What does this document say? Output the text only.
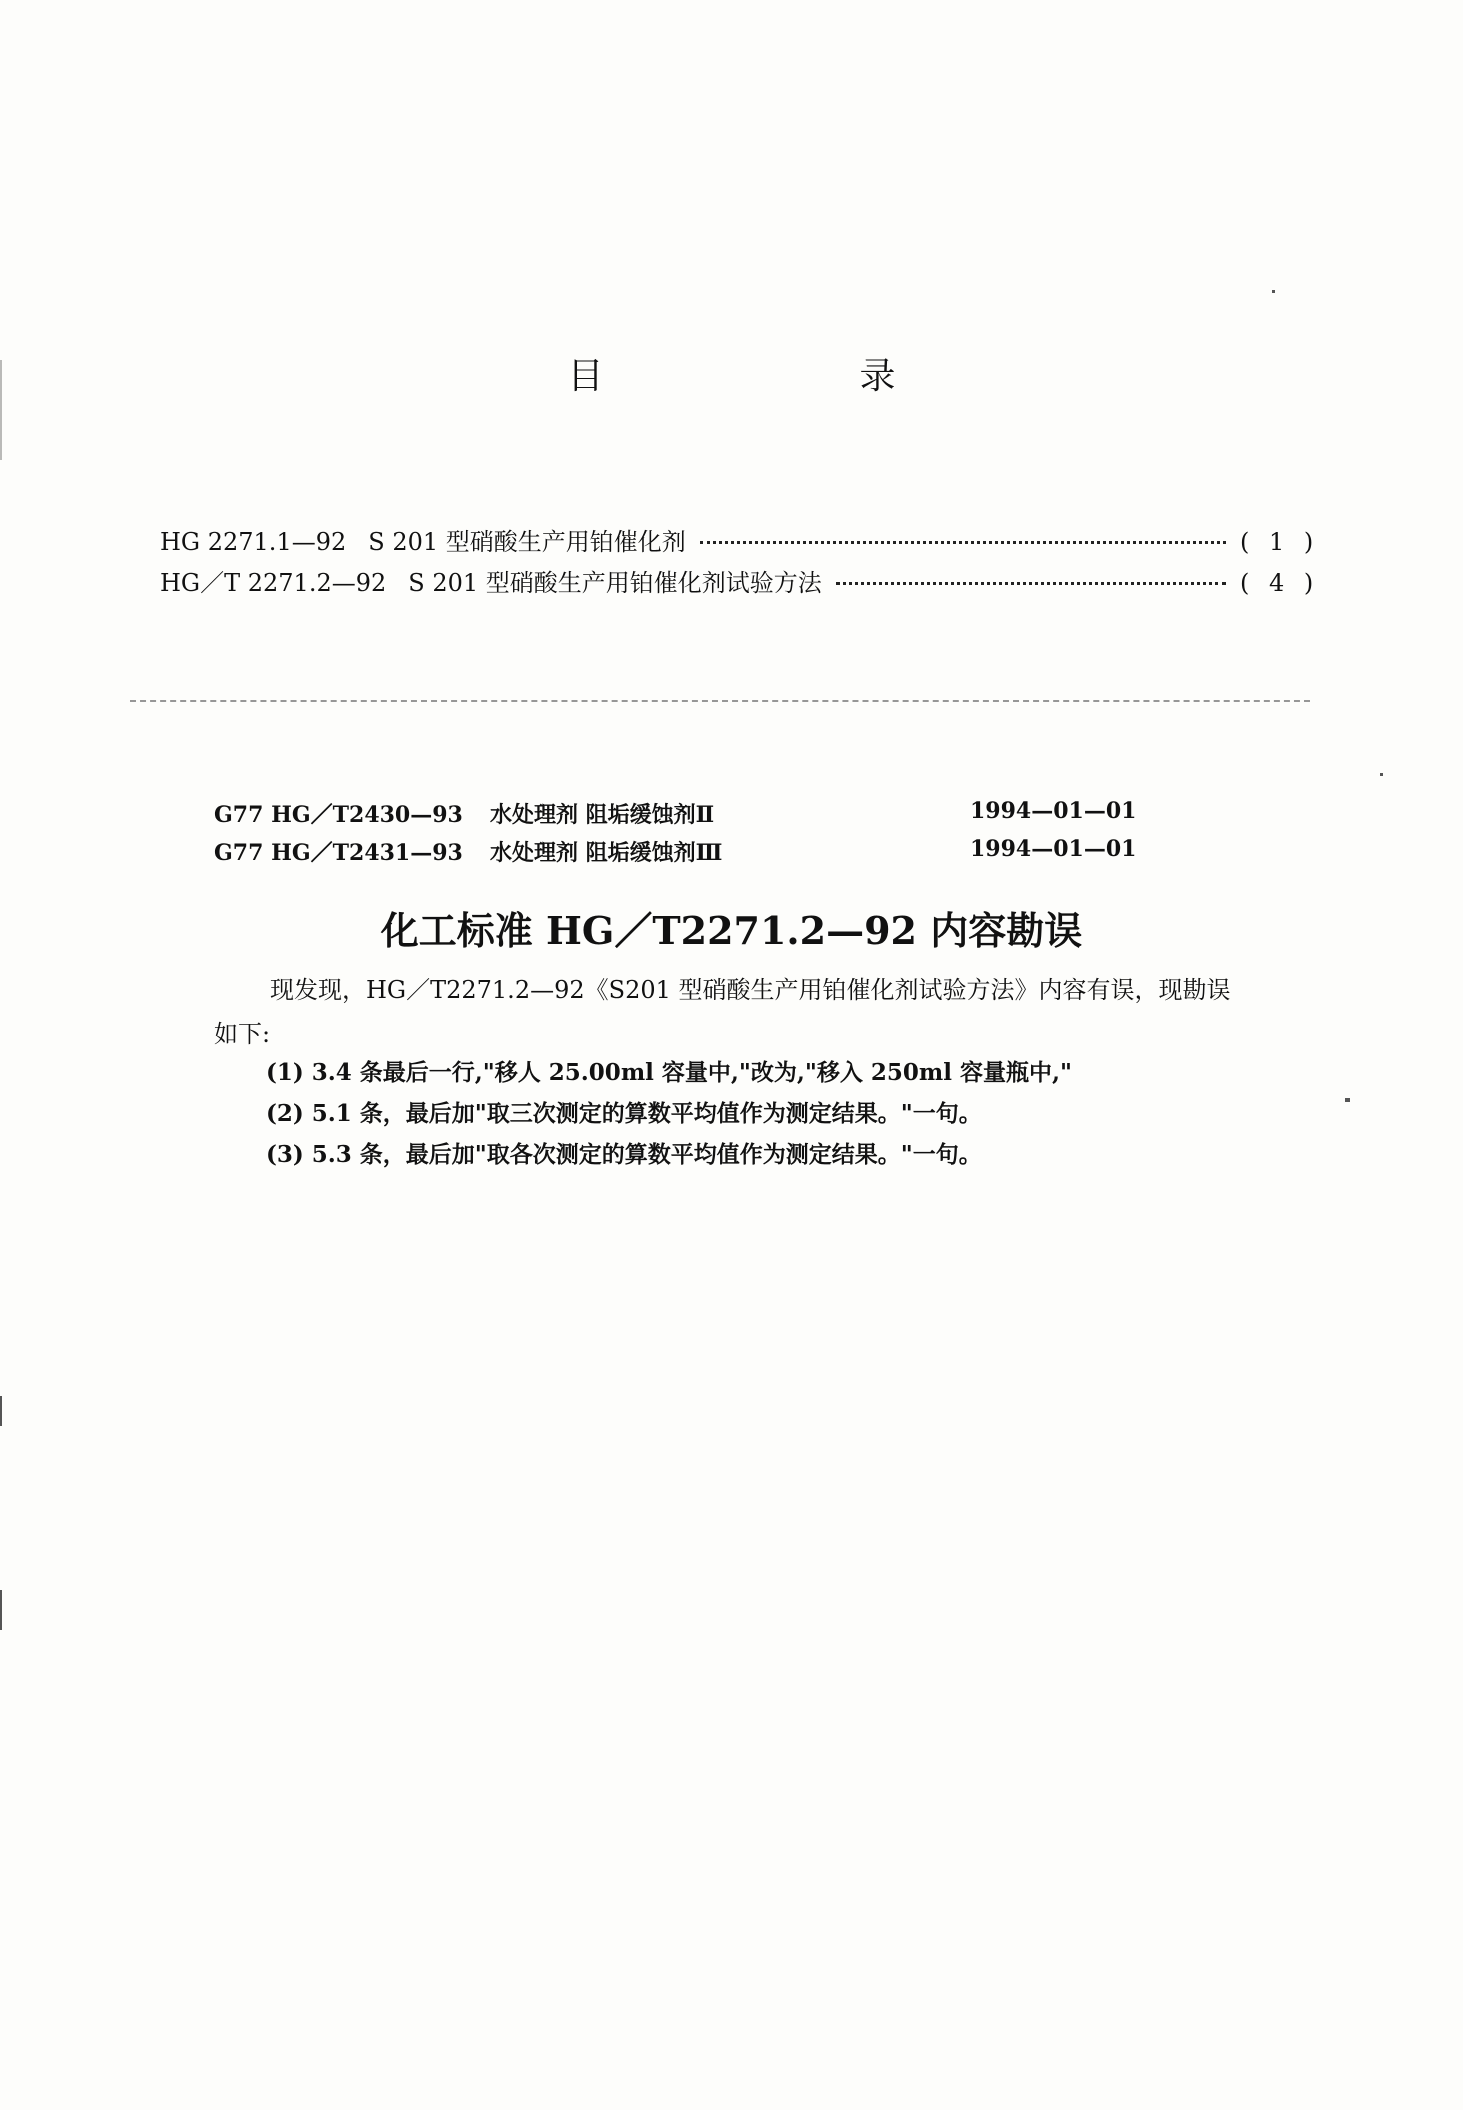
目　录
HG 2271.1—92 S 201 型硝酸生产用铂催化剂	( 1 )
HG／T 2271.2—92 S 201 型硝酸生产用铂催化剂试验方法	( 4 )
G77 HG／T2430—93	水处理剂 阻垢缓蚀剂Ⅱ	1994—01—01
G77 HG／T2431—93	水处理剂 阻垢缓蚀剂Ⅲ	1994—01—01
化工标准 HG／T2271.2—92 内容勘误

现发现，HG／T2271.2—92《S201 型硝酸生产用铂催化剂试验方法》内容有误，现勘误如下:

(1) 3.4 条最后一行,"移人 25.00ml 容量中,"改为,"移入 250ml 容量瓶中,"
(2) 5.1 条，最后加"取三次测定的算数平均值作为测定结果。"一句。
(3) 5.3 条，最后加"取各次测定的算数平均值作为测定结果。"一句。
